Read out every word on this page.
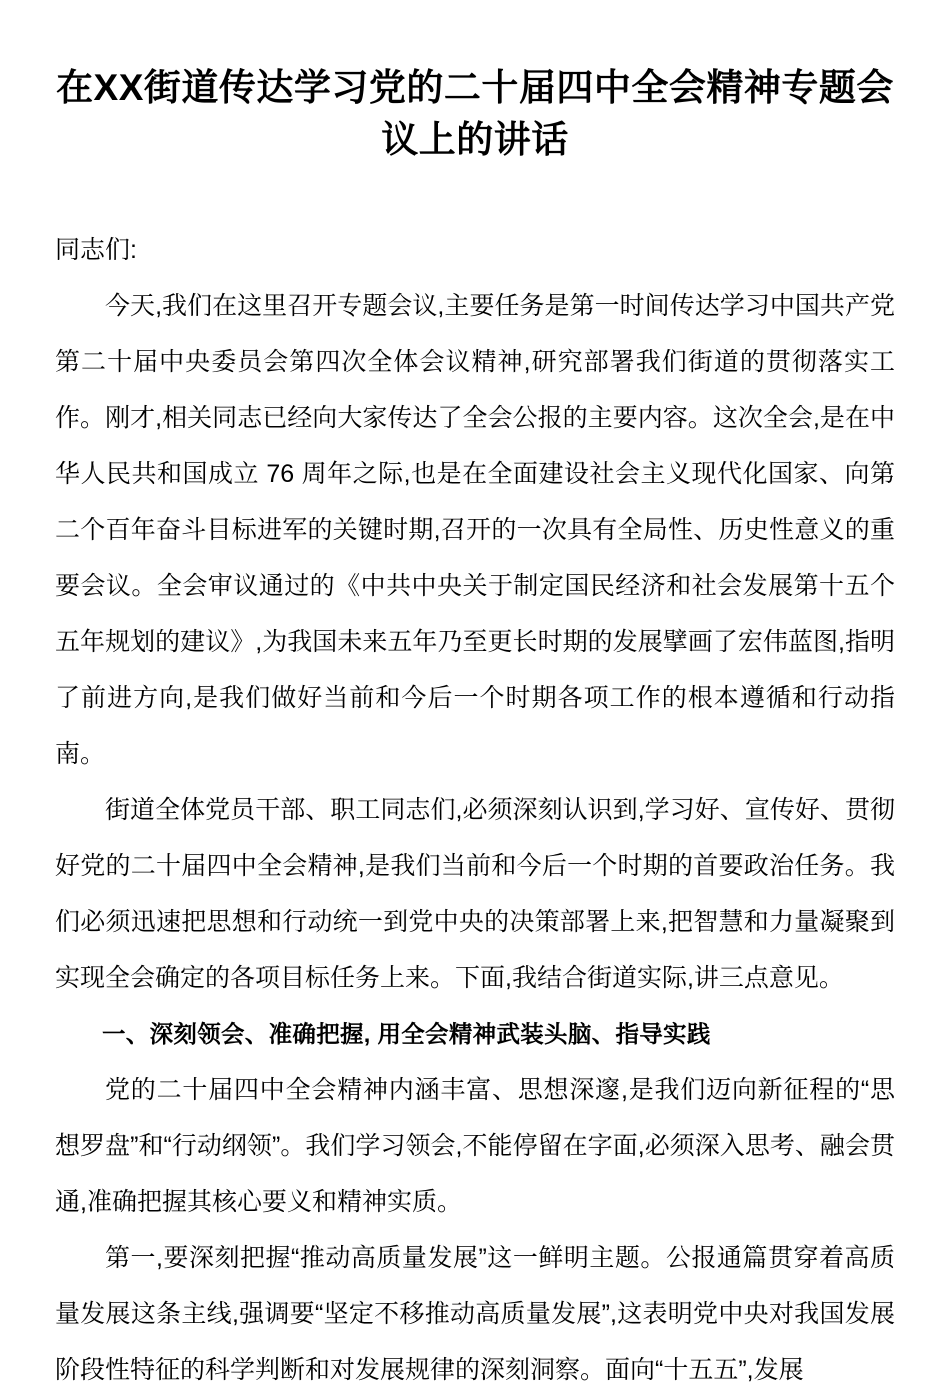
在XX街道传达学习党的二十届四中全会精神专题会议上的讲话

同志们:

今天,我们在这里召开专题会议,主要任务是第一时间传达学习中国共产党第二十届中央委员会第四次全体会议精神,研究部署我们街道的贯彻落实工作。刚才,相关同志已经向大家传达了全会公报的主要内容。这次全会,是在中华人民共和国成立 76 周年之际,也是在全面建设社会主义现代化国家、向第二个百年奋斗目标进军的关键时期,召开的一次具有全局性、历史性意义的重要会议。全会审议通过的《中共中央关于制定国民经济和社会发展第十五个五年规划的建议》,为我国未来五年乃至更长时期的发展擘画了宏伟蓝图,指明了前进方向,是我们做好当前和今后一个时期各项工作的根本遵循和行动指南。

街道全体党员干部、职工同志们,必须深刻认识到,学习好、宣传好、贯彻好党的二十届四中全会精神,是我们当前和今后一个时期的首要政治任务。我们必须迅速把思想和行动统一到党中央的决策部署上来,把智慧和力量凝聚到实现全会确定的各项目标任务上来。下面,我结合街道实际,讲三点意见。

一、深刻领会、准确把握, 用全会精神武装头脑、指导实践

党的二十届四中全会精神内涵丰富、思想深邃,是我们迈向新征程的“思想罗盘”和“行动纲领”。我们学习领会,不能停留在字面,必须深入思考、融会贯通,准确把握其核心要义和精神实质。

第一,要深刻把握“推动高质量发展”这一鲜明主题。公报通篇贯穿着高质量发展这条主线,强调要“坚定不移推动高质量发展”,这表明党中央对我国发展阶段性特征的科学判断和对发展规律的深刻洞察。面向“十五五”,发展
